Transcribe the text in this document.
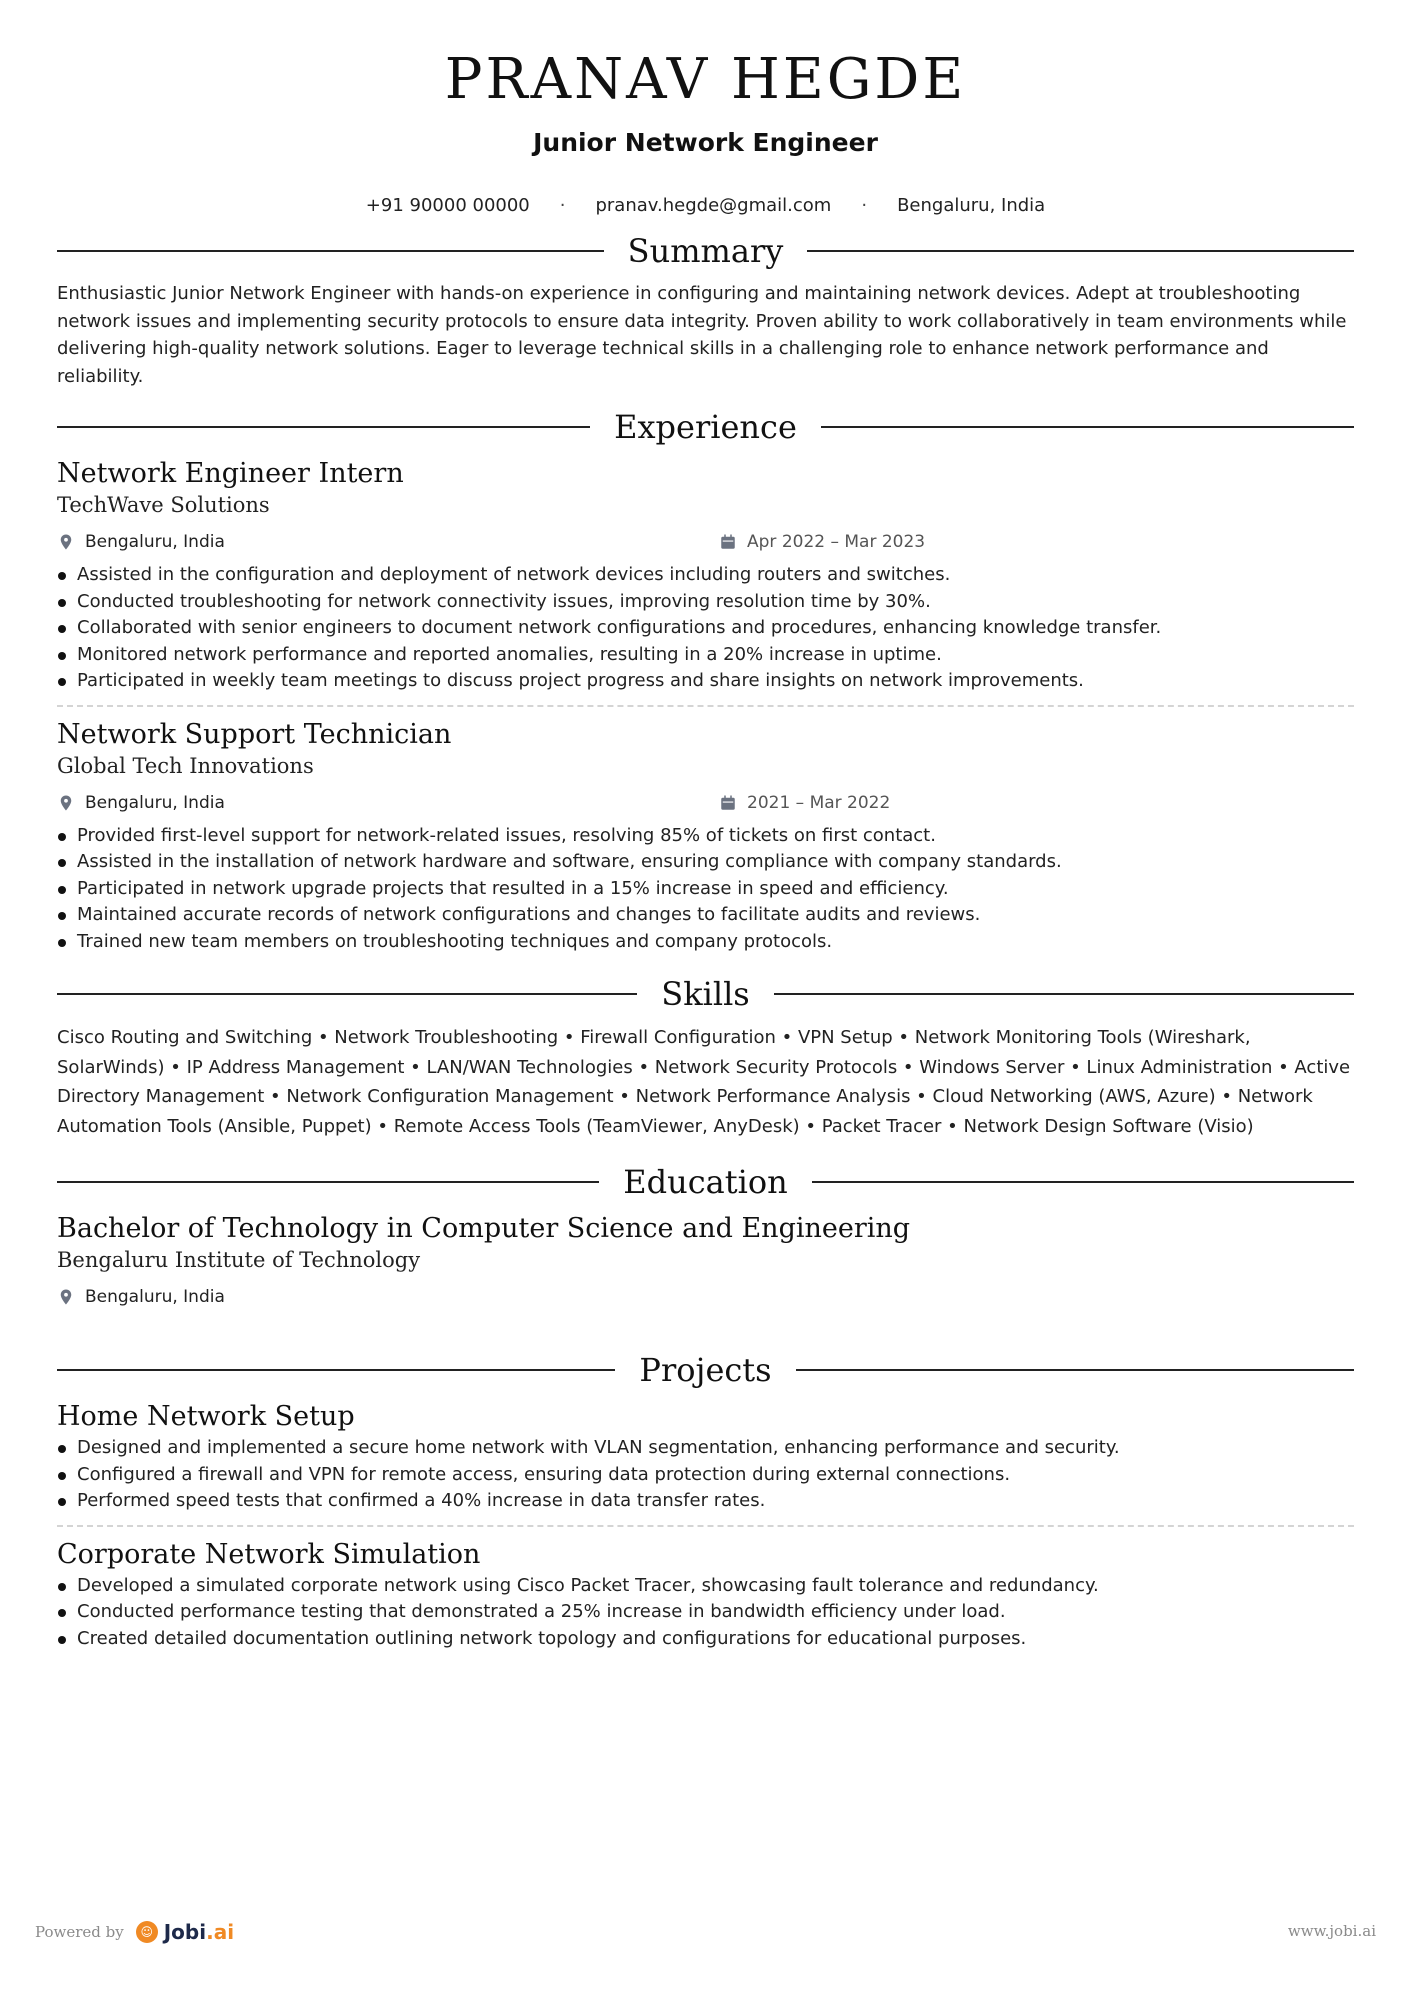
PRANAV HEGDE
Junior Network Engineer
+91 90000 00000 · pranav.hegde@gmail.com · Bengaluru, India
Summary
Enthusiastic Junior Network Engineer with hands-on experience in configuring and maintaining network devices. Adept at troubleshooting network issues and implementing security protocols to ensure data integrity. Proven ability to work collaboratively in team environments while delivering high-quality network solutions. Eager to leverage technical skills in a challenging role to enhance network performance and reliability.
Experience
Network Engineer Intern
TechWave Solutions
Bengaluru, India	Apr 2022 – Mar 2023
Assisted in the configuration and deployment of network devices including routers and switches.
Conducted troubleshooting for network connectivity issues, improving resolution time by 30%.
Collaborated with senior engineers to document network configurations and procedures, enhancing knowledge transfer.
Monitored network performance and reported anomalies, resulting in a 20% increase in uptime.
Participated in weekly team meetings to discuss project progress and share insights on network improvements.
Network Support Technician
Global Tech Innovations
Bengaluru, India	2021 – Mar 2022
Provided first-level support for network-related issues, resolving 85% of tickets on first contact.
Assisted in the installation of network hardware and software, ensuring compliance with company standards.
Participated in network upgrade projects that resulted in a 15% increase in speed and efficiency.
Maintained accurate records of network configurations and changes to facilitate audits and reviews.
Trained new team members on troubleshooting techniques and company protocols.
Skills
Cisco Routing and Switching • Network Troubleshooting • Firewall Configuration • VPN Setup • Network Monitoring Tools (Wireshark, SolarWinds) • IP Address Management • LAN/WAN Technologies • Network Security Protocols • Windows Server • Linux Administration • Active Directory Management • Network Configuration Management • Network Performance Analysis • Cloud Networking (AWS, Azure) • Network Automation Tools (Ansible, Puppet) • Remote Access Tools (TeamViewer, AnyDesk) • Packet Tracer • Network Design Software (Visio)
Education
Bachelor of Technology in Computer Science and Engineering
Bengaluru Institute of Technology
Bengaluru, India
Projects
Home Network Setup
Designed and implemented a secure home network with VLAN segmentation, enhancing performance and security.
Configured a firewall and VPN for remote access, ensuring data protection during external connections.
Performed speed tests that confirmed a 40% increase in data transfer rates.
Corporate Network Simulation
Developed a simulated corporate network using Cisco Packet Tracer, showcasing fault tolerance and redundancy.
Conducted performance testing that demonstrated a 25% increase in bandwidth efficiency under load.
Created detailed documentation outlining network topology and configurations for educational purposes.
Powered by	☺ Jobi.ai	www.jobi.ai
